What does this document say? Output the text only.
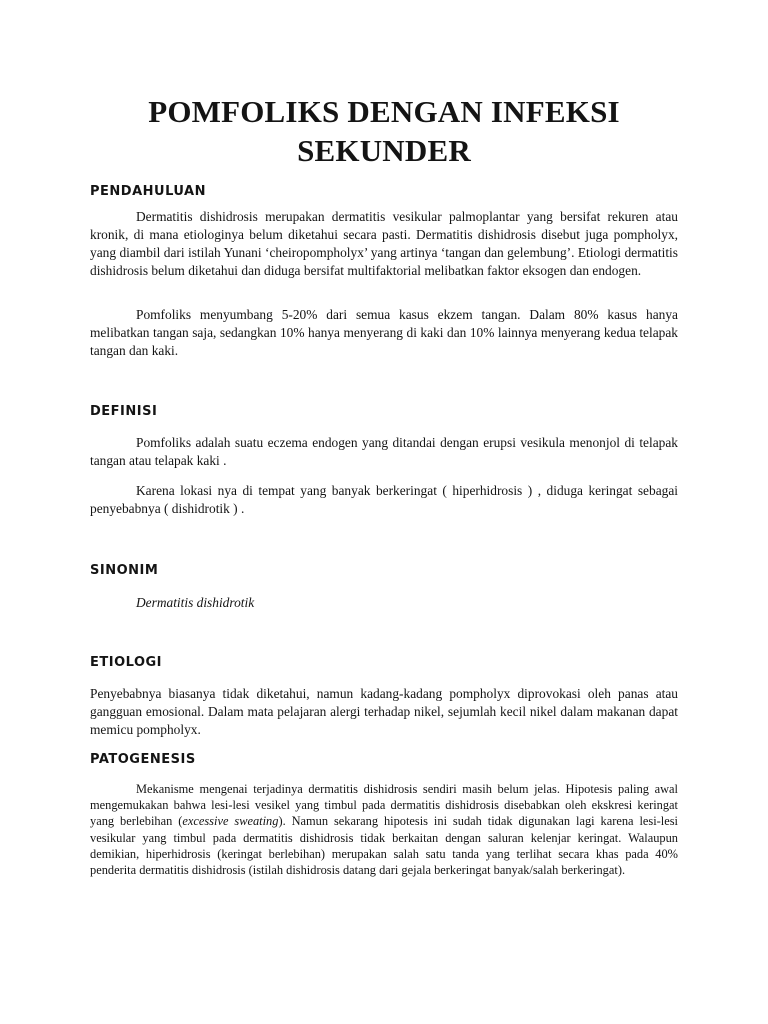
POMFOLIKS DENGAN INFEKSI
SEKUNDER
PENDAHULUAN

Dermatitis dishidrosis merupakan dermatitis vesikular palmoplantar yang bersifat rekuren atau kronik, di mana etiologinya belum diketahui secara pasti. Dermatitis dishidrosis disebut juga pompholyx, yang diambil dari istilah Yunani ‘cheiropompholyx’ yang artinya ‘tangan dan gelembung’. Etiologi dermatitis dishidrosis belum diketahui dan diduga bersifat multifaktorial melibatkan faktor eksogen dan endogen.

Pomfoliks menyumbang 5-20% dari semua kasus ekzem tangan. Dalam 80% kasus hanya melibatkan tangan saja, sedangkan 10% hanya menyerang di kaki dan 10% lainnya menyerang kedua telapak tangan dan kaki.

DEFINISI

Pomfoliks adalah suatu eczema endogen yang ditandai dengan erupsi vesikula menonjol di telapak tangan atau telapak kaki .

Karena lokasi nya di tempat yang banyak berkeringat ( hiperhidrosis ) , diduga keringat sebagai penyebabnya ( dishidrotik ) .

SINONIM
Dermatitis dishidrotik
ETIOLOGI

Penyebabnya biasanya tidak diketahui, namun kadang-kadang pompholyx diprovokasi oleh panas atau gangguan emosional. Dalam mata pelajaran alergi terhadap nikel, sejumlah kecil nikel dalam makanan dapat memicu pompholyx.

PATOGENESIS

Mekanisme mengenai terjadinya dermatitis dishidrosis sendiri masih belum jelas. Hipotesis paling awal mengemukakan bahwa lesi-lesi vesikel yang timbul pada dermatitis dishidrosis disebabkan oleh ekskresi keringat yang berlebihan (excessive sweating). Namun sekarang hipotesis ini sudah tidak digunakan lagi karena lesi-lesi vesikular yang timbul pada dermatitis dishidrosis tidak berkaitan dengan saluran kelenjar keringat. Walaupun demikian, hiperhidrosis (keringat berlebihan) merupakan salah satu tanda yang terlihat secara khas pada 40% penderita dermatitis dishidrosis (istilah dishidrosis datang dari gejala berkeringat banyak/salah berkeringat).
